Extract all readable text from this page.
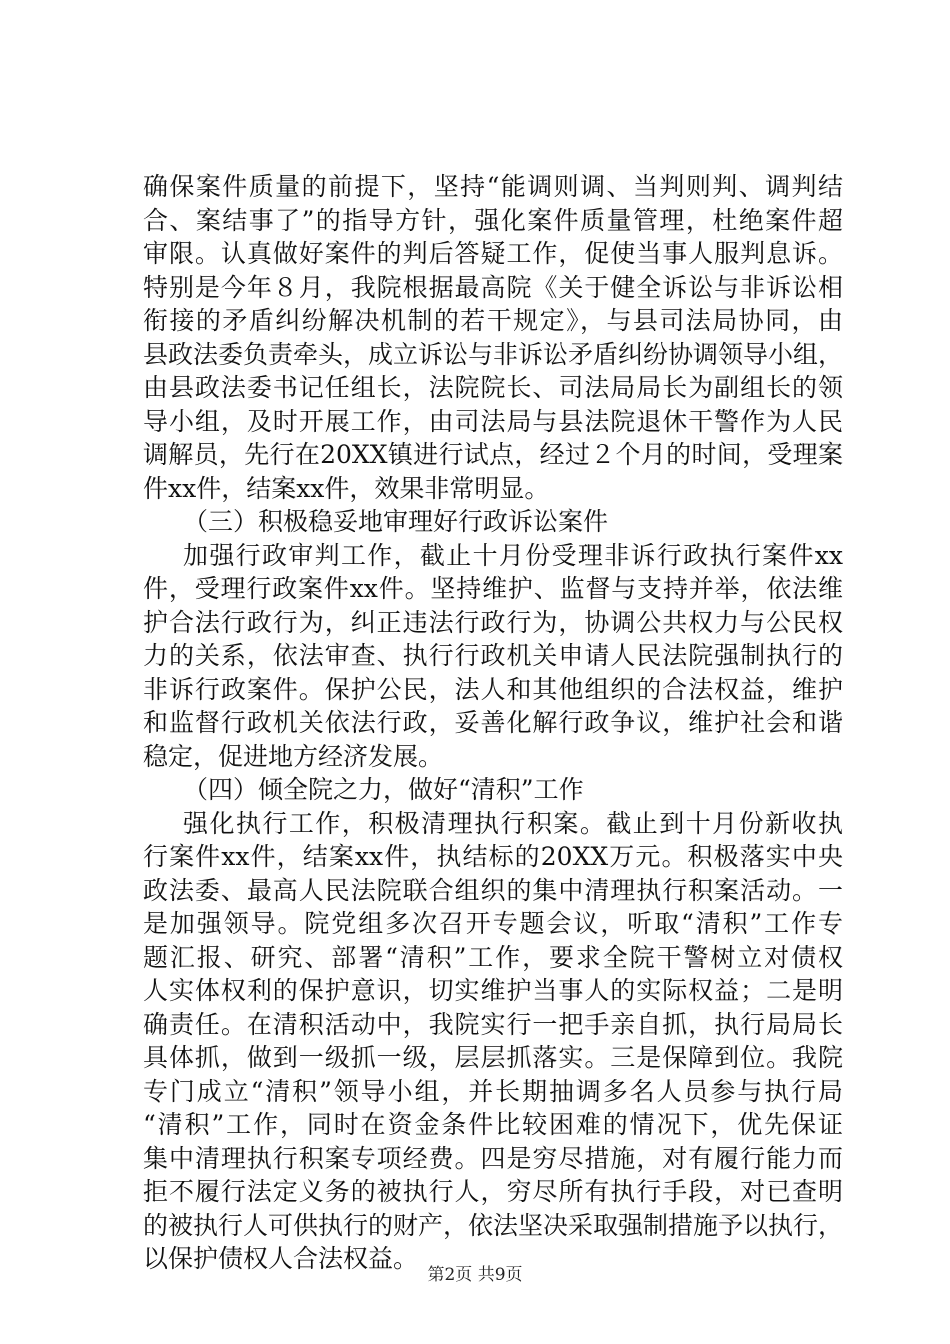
确保案件质量的前提下，坚持“能调则调、当判则判、调判结
合、案结事了”的指导方针，强化案件质量管理，杜绝案件超
审限。认真做好案件的判后答疑工作，促使当事人服判息诉。
特别是今年８月，我院根据最高院《关于健全诉讼与非诉讼相
衔接的矛盾纠纷解决机制的若干规定》，与县司法局协同，由
县政法委负责牵头，成立诉讼与非诉讼矛盾纠纷协调领导小组，
由县政法委书记任组长，法院院长、司法局局长为副组长的领
导小组，及时开展工作，由司法局与县法院退休干警作为人民
调解员，先行在20XX镇进行试点，经过２个月的时间，受理案
件xx件，结案xx件，效果非常明显。
（三）积极稳妥地审理好行政诉讼案件
加强行政审判工作，截止十月份受理非诉行政执行案件xx
件，受理行政案件xx件。坚持维护、监督与支持并举，依法维
护合法行政行为，纠正违法行政行为，协调公共权力与公民权
力的关系，依法审查、执行行政机关申请人民法院强制执行的
非诉行政案件。保护公民，法人和其他组织的合法权益，维护
和监督行政机关依法行政，妥善化解行政争议，维护社会和谐
稳定，促进地方经济发展。
（四）倾全院之力，做好“清积”工作
强化执行工作，积极清理执行积案。截止到十月份新收执
行案件xx件，结案xx件，执结标的20XX万元。积极落实中央
政法委、最高人民法院联合组织的集中清理执行积案活动。一
是加强领导。院党组多次召开专题会议，听取“清积”工作专
题汇报、研究、部署“清积”工作，要求全院干警树立对债权
人实体权利的保护意识，切实维护当事人的实际权益；二是明
确责任。在清积活动中，我院实行一把手亲自抓，执行局局长
具体抓，做到一级抓一级，层层抓落实。三是保障到位。我院
专门成立“清积”领导小组，并长期抽调多名人员参与执行局
“清积”工作，同时在资金条件比较困难的情况下，优先保证
集中清理执行积案专项经费。四是穷尽措施，对有履行能力而
拒不履行法定义务的被执行人，穷尽所有执行手段，对已查明
的被执行人可供执行的财产，依法坚决采取强制措施予以执行，
以保护债权人合法权益。
第2页 共9页
